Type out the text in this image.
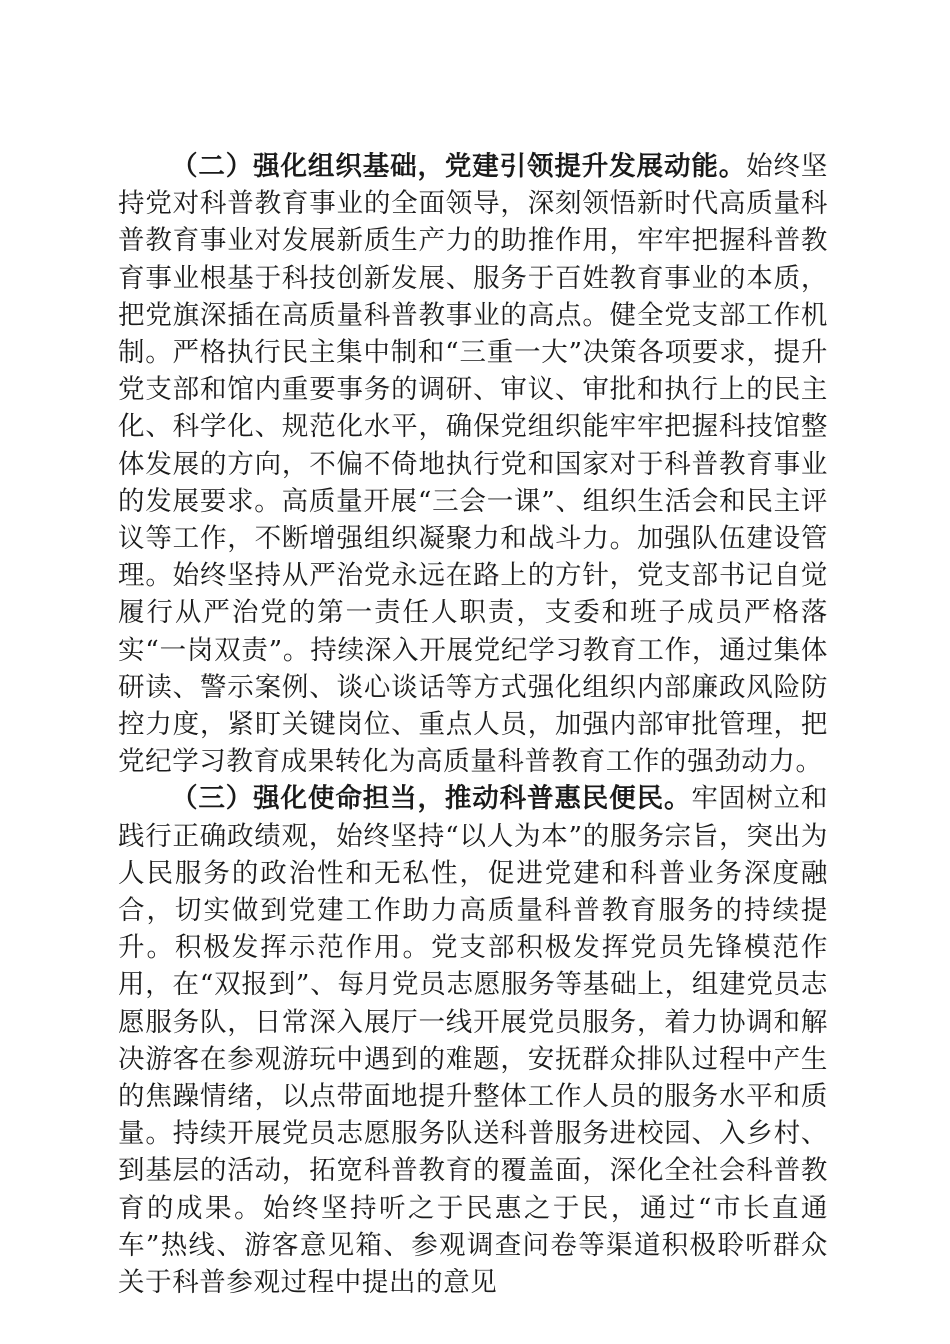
（二）强化组织基础，党建引领提升发展动能。始终坚持党对科普教育事业的全面领导，深刻领悟新时代高质量科普教育事业对发展新质生产力的助推作用，牢牢把握科普教育事业根基于科技创新发展、服务于百姓教育事业的本质，把党旗深插在高质量科普教事业的高点。健全党支部工作机制。严格执行民主集中制和“三重一大”决策各项要求，提升党支部和馆内重要事务的调研、审议、审批和执行上的民主化、科学化、规范化水平，确保党组织能牢牢把握科技馆整体发展的方向，不偏不倚地执行党和国家对于科普教育事业的发展要求。高质量开展“三会一课”、组织生活会和民主评议等工作，不断增强组织凝聚力和战斗力。加强队伍建设管理。始终坚持从严治党永远在路上的方针，党支部书记自觉履行从严治党的第一责任人职责，支委和班子成员严格落实“一岗双责”。持续深入开展党纪学习教育工作，通过集体研读、警示案例、谈心谈话等方式强化组织内部廉政风险防控力度，紧盯关键岗位、重点人员，加强内部审批管理，把党纪学习教育成果转化为高质量科普教育工作的强劲动力。

（三）强化使命担当，推动科普惠民便民。牢固树立和践行正确政绩观，始终坚持“以人为本”的服务宗旨，突出为人民服务的政治性和无私性，促进党建和科普业务深度融合，切实做到党建工作助力高质量科普教育服务的持续提升。积极发挥示范作用。党支部积极发挥党员先锋模范作用，在“双报到”、每月党员志愿服务等基础上，组建党员志愿服务队，日常深入展厅一线开展党员服务，着力协调和解决游客在参观游玩中遇到的难题，安抚群众排队过程中产生的焦躁情绪，以点带面地提升整体工作人员的服务水平和质量。持续开展党员志愿服务队送科普服务进校园、入乡村、到基层的活动，拓宽科普教育的覆盖面，深化全社会科普教育的成果。始终坚持听之于民惠之于民，通过“市长直通车”热线、游客意见箱、参观调查问卷等渠道积极聆听群众关于科普参观过程中提出的意见
